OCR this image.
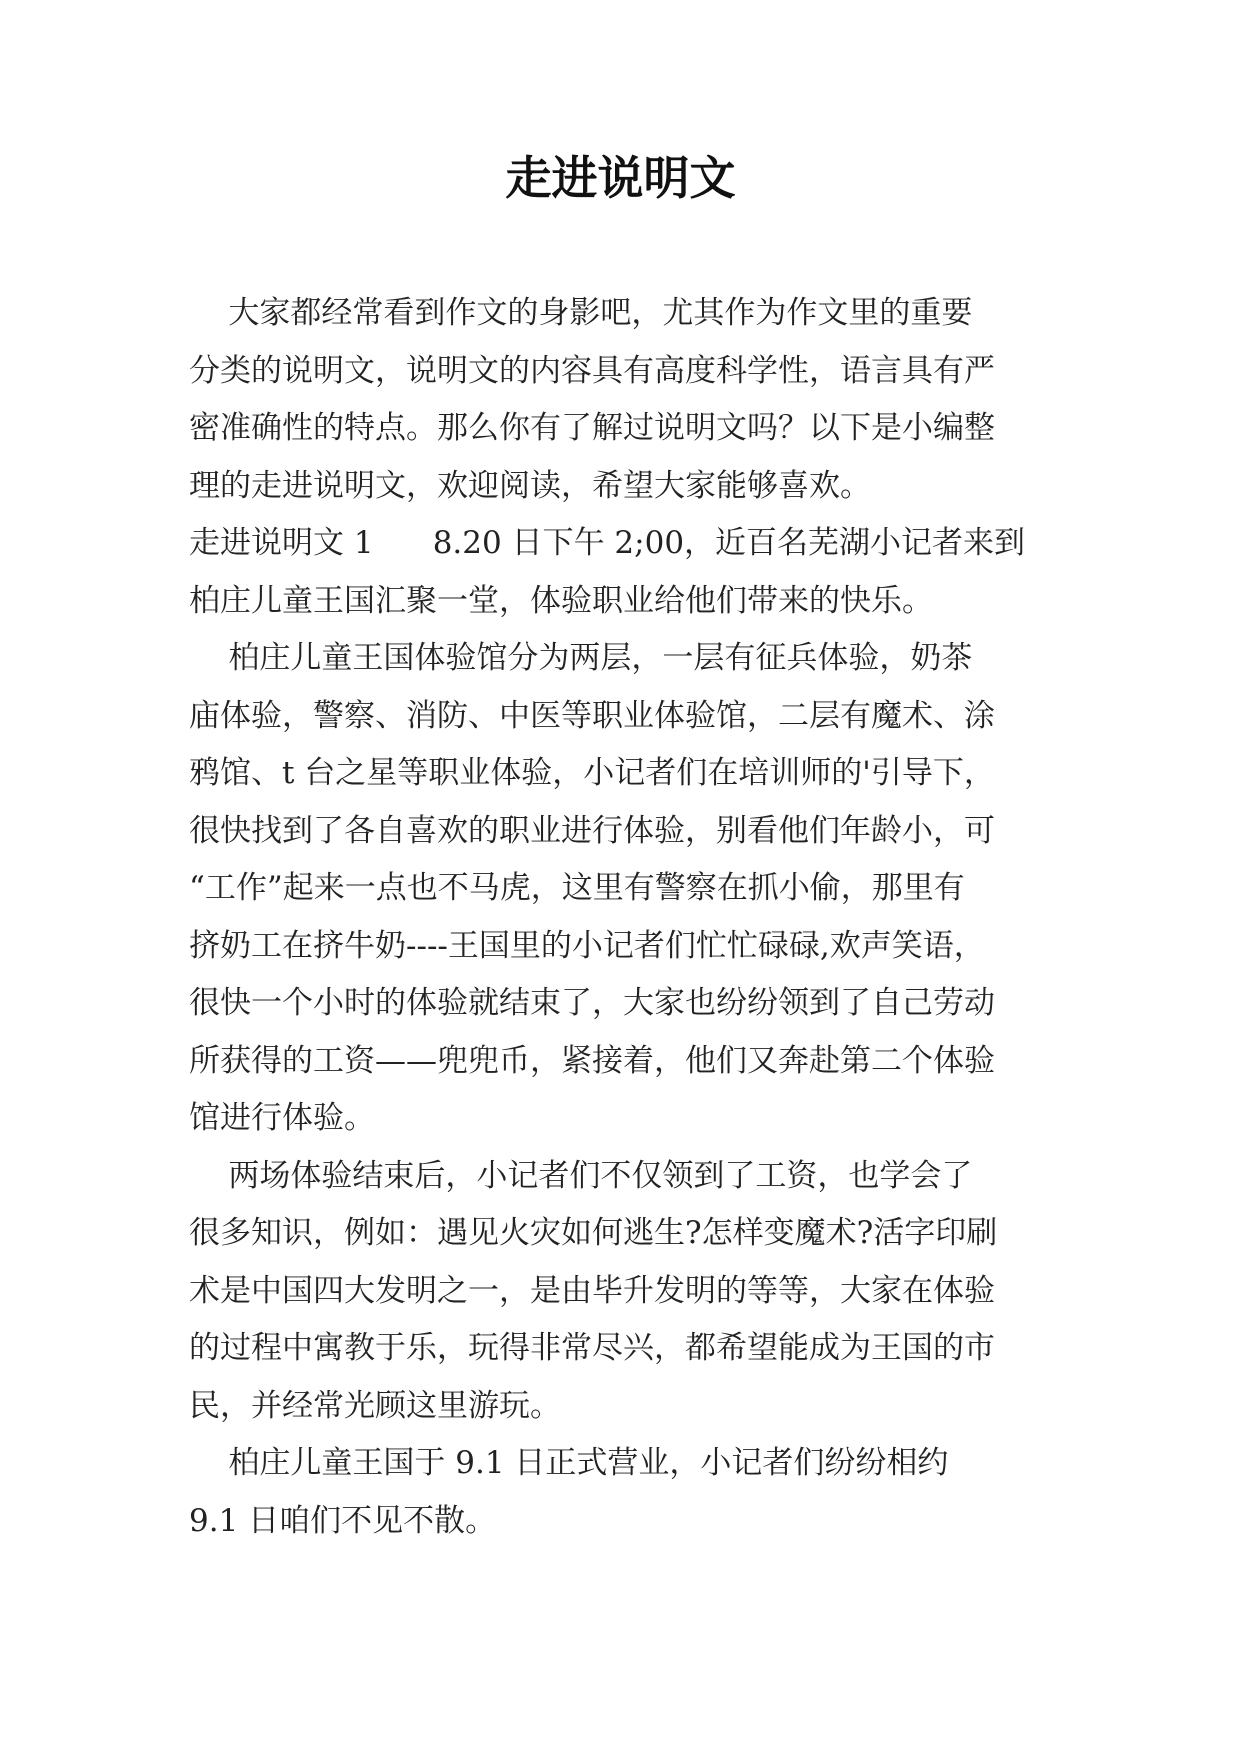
走进说明文
大家都经常看到作文的身影吧，尤其作为作文里的重要
分类的说明文，说明文的内容具有高度科学性，语言具有严
密准确性的特点。那么你有了解过说明文吗？以下是小编整
理的走进说明文，欢迎阅读，希望大家能够喜欢。
走进说明文 1      8.20 日下午 2;00，近百名芜湖小记者来到
柏庄儿童王国汇聚一堂，体验职业给他们带来的快乐。
柏庄儿童王国体验馆分为两层，一层有征兵体验，奶茶
庙体验，警察、消防、中医等职业体验馆，二层有魔术、涂
鸦馆、t 台之星等职业体验，小记者们在培训师的'引导下，
很快找到了各自喜欢的职业进行体验，别看他们年龄小，可
“工作”起来一点也不马虎，这里有警察在抓小偷，那里有
挤奶工在挤牛奶----王国里的小记者们忙忙碌碌,欢声笑语，
很快一个小时的体验就结束了，大家也纷纷领到了自己劳动
所获得的工资——兜兜币，紧接着，他们又奔赴第二个体验
馆进行体验。
两场体验结束后，小记者们不仅领到了工资，也学会了
很多知识，例如：遇见火灾如何逃生?怎样变魔术?活字印刷
术是中国四大发明之一，是由毕升发明的等等，大家在体验
的过程中寓教于乐，玩得非常尽兴，都希望能成为王国的市
民，并经常光顾这里游玩。
柏庄儿童王国于 9.1 日正式营业，小记者们纷纷相约
9.1 日咱们不见不散。
